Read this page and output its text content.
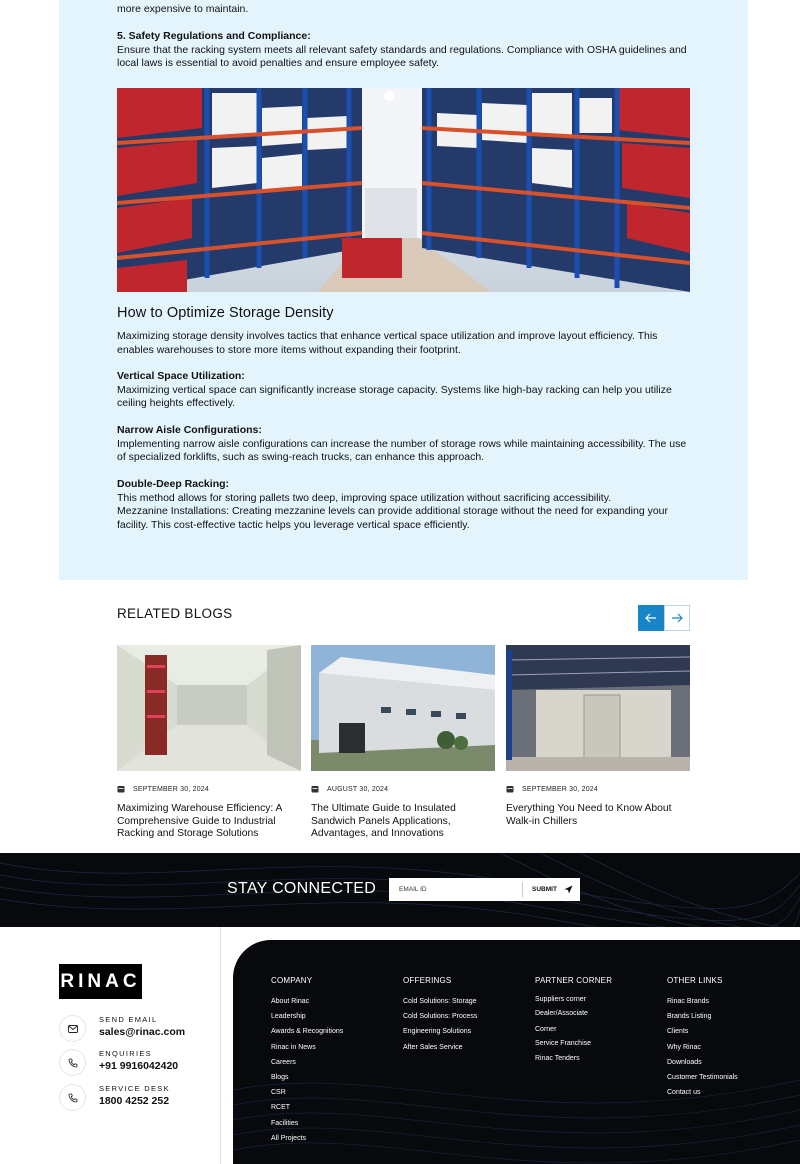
more expensive to maintain.

5. Safety Regulations and Compliance:

Ensure that the racking system meets all relevant safety standards and regulations. Compliance with OSHA guidelines and local laws is essential to avoid penalties and ensure employee safety.

How to Optimize Storage Density

Maximizing storage density involves tactics that enhance vertical space utilization and improve layout efficiency. This enables warehouses to store more items without expanding their footprint.

Vertical Space Utilization:

Maximizing vertical space can significantly increase storage capacity. Systems like high-bay racking can help you utilize ceiling heights effectively.

Narrow Aisle Configurations:

Implementing narrow aisle configurations can increase the number of storage rows while maintaining accessibility. The use of specialized forklifts, such as swing-reach trucks, can enhance this approach.

Double-Deep Racking:

This method allows for storing pallets two deep, improving space utilization without sacrificing accessibility.

Mezzanine Installations: Creating mezzanine levels can provide additional storage without the need for expanding your facility. This cost-effective tactic helps you leverage vertical space efficiently.

RELATED BLOGS
SEPTEMBER 30, 2024
Maximizing Warehouse Efficiency: A Comprehensive Guide to Industrial Racking and Storage Solutions
AUGUST 30, 2024
The Ultimate Guide to Insulated Sandwich Panels Applications, Advantages, and Innovations
SEPTEMBER 30, 2024
Everything You Need to Know About Walk-in Chillers
STAY CONNECTED
EMAIL ID	SUBMIT
RINAC
SEND EMAIL
sales@rinac.com
ENQUIRIES
+91 9916042420
SERVICE DESK
1800 4252 252
COMPANY
About Rinac
Leadership
Awards & Recognitions
Rinac in News
Careers
Blogs
CSR
RCET
Facilities
All Projects
OFFERINGS
Cold Solutions: Storage
Cold Solutions: Process
Engineering Solutions
After Sales Service
PARTNER CORNER
Suppliers corner
Dealer/Associate
Corner
Service Franchise
Rinac Tenders
OTHER LINKS
Rinac Brands
Brands Listing
Clients
Why Rinac
Downloads
Customer Testimonials
Contact us
